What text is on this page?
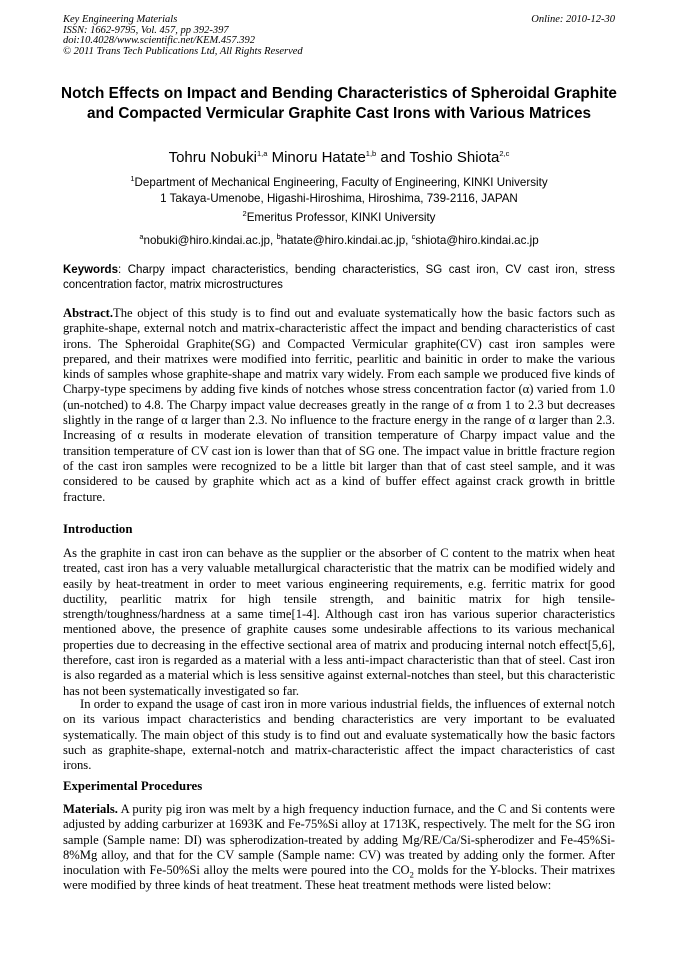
Key Engineering Materials
ISSN: 1662-9795, Vol. 457, pp 392-397
doi:10.4028/www.scientific.net/KEM.457.392
© 2011 Trans Tech Publications Ltd, All Rights Reserved
Online: 2010-12-30
Notch Effects on Impact and Bending Characteristics of Spheroidal Graphite and Compacted Vermicular Graphite Cast Irons with Various Matrices
Tohru Nobuki$^{1,a}$ Minoru Hatate$^{1,b}$ and Toshio Shiota$^{2,c}$
$^1$Department of Mechanical Engineering, Faculty of Engineering, KINKI University
1 Takaya-Umenobe, Higashi-Hiroshima, Hiroshima, 739-2116, JAPAN
$^2$Emeritus Professor, KINKI University
$^a$nobuki@hiro.kindai.ac.jp, $^b$hatate@hiro.kindai.ac.jp, $^c$shiota@hiro.kindai.ac.jp
Keywords: Charpy impact characteristics, bending characteristics, SG cast iron, CV cast iron, stress concentration factor, matrix microstructures
Abstract.The object of this study is to find out and evaluate systematically how the basic factors such as graphite-shape, external notch and matrix-characteristic affect the impact and bending characteristics of cast irons. The Spheroidal Graphite(SG) and Compacted Vermicular graphite(CV) cast iron samples were prepared, and their matrixes were modified into ferritic, pearlitic and bainitic in order to make the various kinds of samples whose graphite-shape and matrix vary widely. From each sample we produced five kinds of Charpy-type specimens by adding five kinds of notches whose stress concentration factor (α) varied from 1.0 (un-notched) to 4.8. The Charpy impact value decreases greatly in the range of α from 1 to 2.3 but decreases slightly in the range of α larger than 2.3. No influence to the fracture energy in the range of α larger than 2.3. Increasing of α results in moderate elevation of transition temperature of Charpy impact value and the transition temperature of CV cast ion is lower than that of SG one. The impact value in brittle fracture region of the cast iron samples were recognized to be a little bit larger than that of cast steel sample, and it was considered to be caused by graphite which act as a kind of buffer effect against crack growth in brittle fracture.
Introduction
As the graphite in cast iron can behave as the supplier or the absorber of C content to the matrix when heat treated, cast iron has a very valuable metallurgical characteristic that the matrix can be modified widely and easily by heat-treatment in order to meet various engineering requirements, e.g. ferritic matrix for good ductility, pearlitic matrix for high tensile strength, and bainitic matrix for high tensile-strength/toughness/hardness at a same time[1-4]. Although cast iron has various superior characteristics mentioned above, the presence of graphite causes some undesirable affections to its various mechanical properties due to decreasing in the effective sectional area of matrix and producing internal notch effect[5,6], therefore, cast iron is regarded as a material with a less anti-impact characteristic than that of steel. Cast iron is also regarded as a material which is less sensitive against external-notches than steel, but this characteristic has not been systematically investigated so far.
In order to expand the usage of cast iron in more various industrial fields, the influences of external notch on its various impact characteristics and bending characteristics are very important to be evaluated systematically. The main object of this study is to find out and evaluate systematically how the basic factors such as graphite-shape, external-notch and matrix-characteristic affect the impact characteristics of cast irons.
Experimental Procedures
Materials. A purity pig iron was melt by a high frequency induction furnace, and the C and Si contents were adjusted by adding carburizer at 1693K and Fe-75%Si alloy at 1713K, respectively. The melt for the SG iron sample (Sample name: DI) was spherodization-treated by adding Mg/RE/Ca/Si-spherodizer and Fe-45%Si-8%Mg alloy, and that for the CV sample (Sample name: CV) was treated by adding only the former. After inoculation with Fe-50%Si alloy the melts were poured into the $CO_2$ molds for the Y-blocks. Their matrixes were modified by three kinds of heat treatment. These heat treatment methods were listed below:
